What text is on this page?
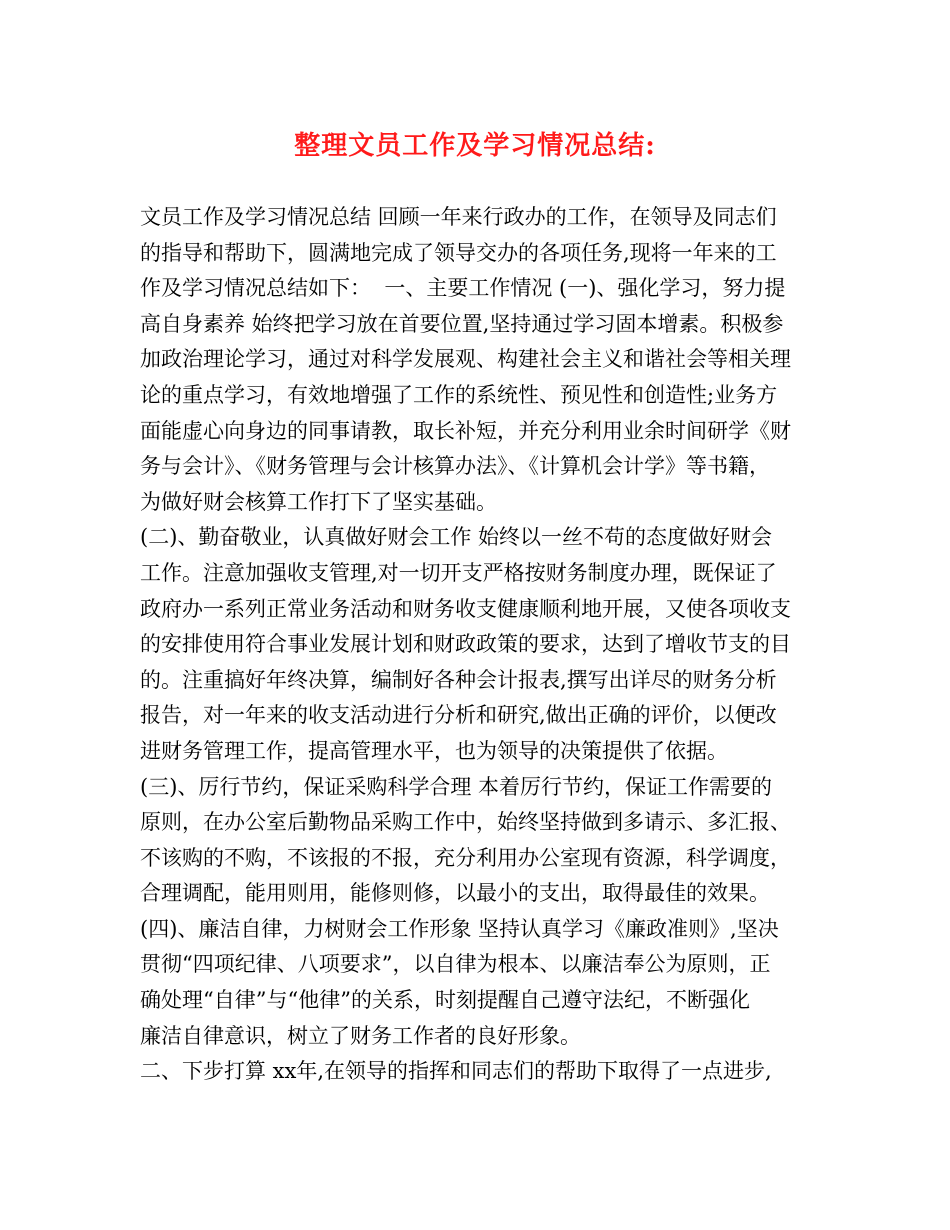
整理文员工作及学习情况总结:
文员工作及学习情况总结 回顾一年来行政办的工作，在领导及同志们
的指导和帮助下，圆满地完成了领导交办的各项任务,现将一年来的工
作及学习情况总结如下：  一、主要工作情况 (一)、强化学习，努力提
高自身素养 始终把学习放在首要位置,坚持通过学习固本增素。积极参
加政治理论学习，通过对科学发展观、构建社会主义和谐社会等相关理
论的重点学习，有效地增强了工作的系统性、预见性和创造性;业务方
面能虚心向身边的同事请教，取长补短，并充分利用业余时间研学《财
务与会计》、《财务管理与会计核算办法》、《计算机会计学》等书籍，
为做好财会核算工作打下了坚实基础。
(二)、勤奋敬业，认真做好财会工作 始终以一丝不苟的态度做好财会
工作。注意加强收支管理,对一切开支严格按财务制度办理，既保证了
政府办一系列正常业务活动和财务收支健康顺利地开展，又使各项收支
的安排使用符合事业发展计划和财政政策的要求，达到了增收节支的目
的。注重搞好年终决算，编制好各种会计报表,撰写出详尽的财务分析
报告，对一年来的收支活动进行分析和研究,做出正确的评价，以便改
进财务管理工作，提高管理水平，也为领导的决策提供了依据。
(三)、厉行节约，保证采购科学合理 本着厉行节约，保证工作需要的
原则，在办公室后勤物品采购工作中，始终坚持做到多请示、多汇报、
不该购的不购，不该报的不报，充分利用办公室现有资源，科学调度，
合理调配，能用则用，能修则修，以最小的支出，取得最佳的效果。
(四)、廉洁自律，力树财会工作形象 坚持认真学习《廉政准则》,坚决
贯彻“四项纪律、八项要求”，以自律为根本、以廉洁奉公为原则，正
确处理“自律”与“他律”的关系，时刻提醒自己遵守法纪，不断强化
廉洁自律意识，树立了财务工作者的良好形象。
二、下步打算 xx年,在领导的指挥和同志们的帮助下取得了一点进步,
